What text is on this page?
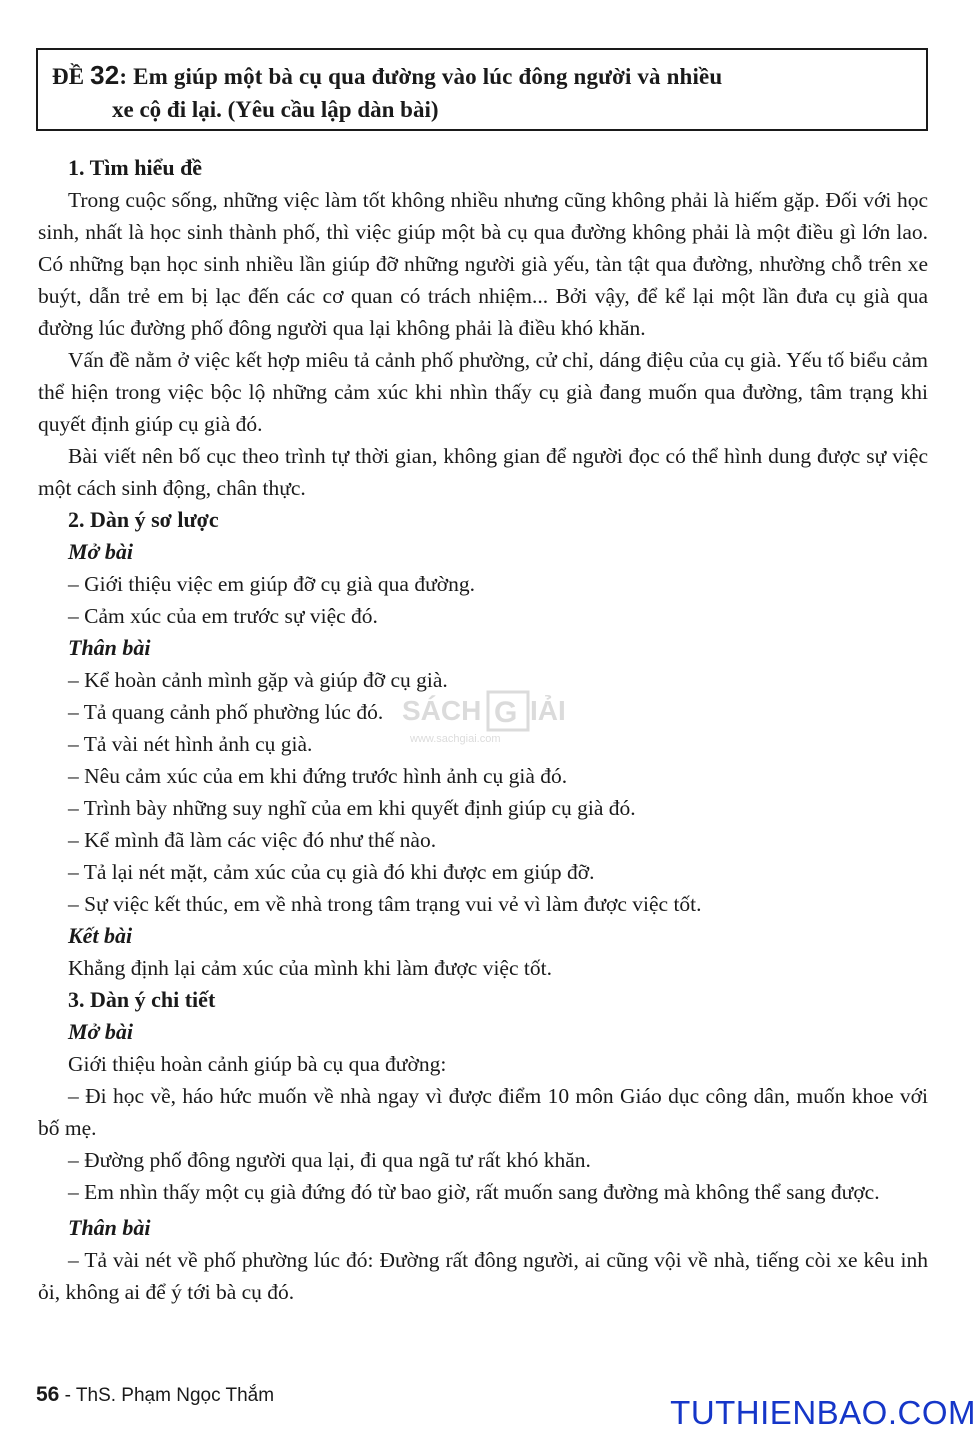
ĐỀ 32: Em giúp một bà cụ qua đường vào lúc đông người và nhiều
xe cộ đi lại. (Yêu cầu lập dàn bài)
SÁCH G IẢI
www.sachgiai.com

1. Tìm hiểu đề

Trong cuộc sống, những việc làm tốt không nhiều nhưng cũng không phải là hiếm gặp. Đối với học sinh, nhất là học sinh thành phố, thì việc giúp một bà cụ qua đường không phải là một điều gì lớn lao. Có những bạn học sinh nhiều lần giúp đỡ những người già yếu, tàn tật qua đường, nhường chỗ trên xe buýt, dẫn trẻ em bị lạc đến các cơ quan có trách nhiệm... Bởi vậy, để kể lại một lần đưa cụ già qua đường lúc đường phố đông người qua lại không phải là điều khó khăn.

Vấn đề nằm ở việc kết hợp miêu tả cảnh phố phường, cử chỉ, dáng điệu của cụ già. Yếu tố biểu cảm thể hiện trong việc bộc lộ những cảm xúc khi nhìn thấy cụ già đang muốn qua đường, tâm trạng khi quyết định giúp cụ già đó.

Bài viết nên bố cục theo trình tự thời gian, không gian để người đọc có thể hình dung được sự việc một cách sinh động, chân thực.

2. Dàn ý sơ lược

Mở bài

– Giới thiệu việc em giúp đỡ cụ già qua đường.

– Cảm xúc của em trước sự việc đó.

Thân bài

– Kể hoàn cảnh mình gặp và giúp đỡ cụ già.

– Tả quang cảnh phố phường lúc đó.

– Tả vài nét hình ảnh cụ già.

– Nêu cảm xúc của em khi đứng trước hình ảnh cụ già đó.

– Trình bày những suy nghĩ của em khi quyết định giúp cụ già đó.

– Kể mình đã làm các việc đó như thế nào.

– Tả lại nét mặt, cảm xúc của cụ già đó khi được em giúp đỡ.

– Sự việc kết thúc, em về nhà trong tâm trạng vui vẻ vì làm được việc tốt.

Kết bài

Khẳng định lại cảm xúc của mình khi làm được việc tốt.

3. Dàn ý chi tiết

Mở bài

Giới thiệu hoàn cảnh giúp bà cụ qua đường:

– Đi học về, háo hức muốn về nhà ngay vì được điểm 10 môn Giáo dục công dân, muốn khoe với bố mẹ.

– Đường phố đông người qua lại, đi qua ngã tư rất khó khăn.

– Em nhìn thấy một cụ già đứng đó từ bao giờ, rất muốn sang đường mà không thể sang được.

Thân bài

– Tả vài nét về phố phường lúc đó: Đường rất đông người, ai cũng vội về nhà, tiếng còi xe kêu inh ỏi, không ai để ý tới bà cụ đó.

56 - ThS. Phạm Ngọc Thắm	TUTHIENBAO.COM
